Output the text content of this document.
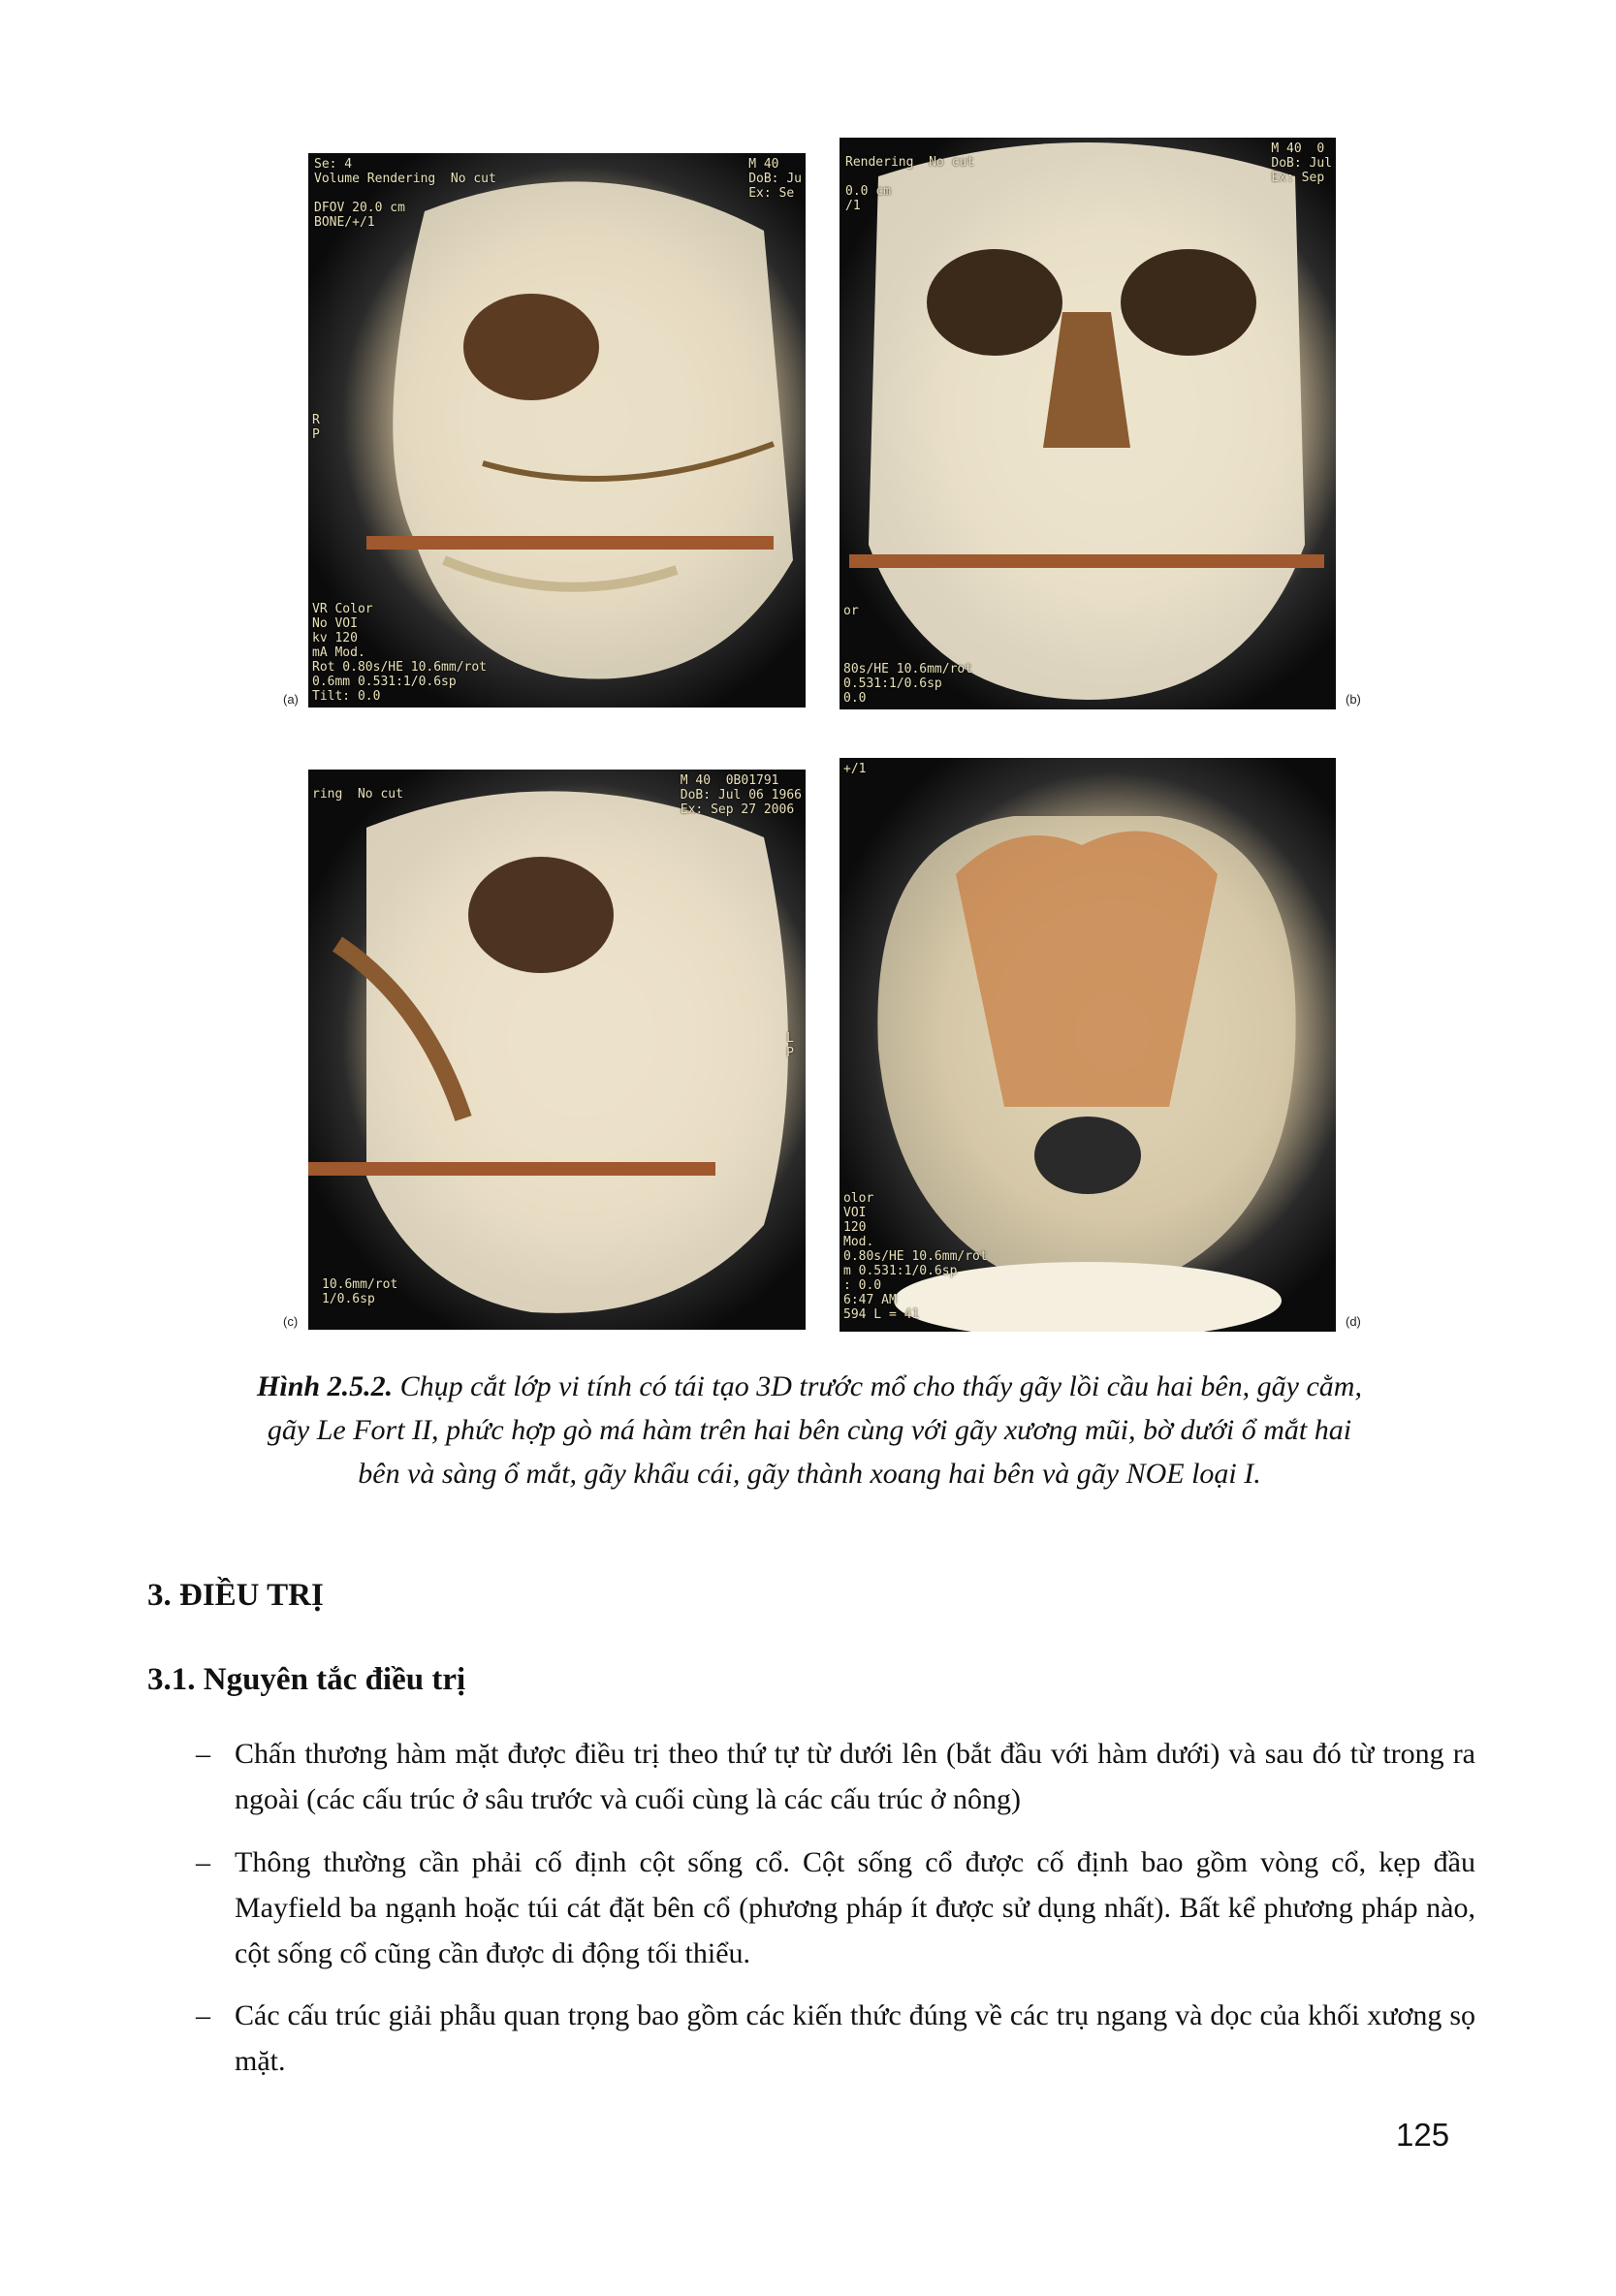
Se: 4
Volume Rendering  No cut

DFOV 20.0 cm
BONE/+/1
M 40
DoB: Ju
Ex: Se
R
P
VR Color
No VOI
kv 120
mA Mod.
Rot 0.80s/HE 10.6mm/rot
0.6mm 0.531:1/0.6sp
Tilt: 0.0
(a)
Rendering  No cut

0.0 cm
/1
M 40  0
DoB: Jul
Ex: Sep
or

80s/HE 10.6mm/rot
0.531:1/0.6sp
0.0	(b)
ring  No cut
M 40  0B01791
DoB: Jul 06 1966
Ex: Sep 27 2006
L
P
10.6mm/rot
1/0.6sp
(c)
+/1
olor
VOI
120
Mod.
0.80s/HE 10.6mm/rot
m 0.531:1/0.6sp
: 0.0
6:47 AM
594 L = 41	(d)
Hình 2.5.2. Chụp cắt lớp vi tính có tái tạo 3D trước mổ cho thấy gãy lồi cầu hai bên, gãy cằm, gãy Le Fort II, phức hợp gò má hàm trên hai bên cùng với gãy xương mũi, bờ dưới ổ mắt hai bên và sàng ổ mắt, gãy khẩu cái, gãy thành xoang hai bên và gãy NOE loại I.
3. ĐIỀU TRỊ
3.1. Nguyên tắc điều trị
– Chấn thương hàm mặt được điều trị theo thứ tự từ dưới lên (bắt đầu với hàm dưới) và sau đó từ trong ra ngoài (các cấu trúc ở sâu trước và cuối cùng là các cấu trúc ở nông)
– Thông thường cần phải cố định cột sống cổ. Cột sống cổ được cố định bao gồm vòng cổ, kẹp đầu Mayfield ba ngạnh hoặc túi cát đặt bên cổ (phương pháp ít được sử dụng nhất). Bất kể phương pháp nào, cột sống cổ cũng cần được di động tối thiểu.
– Các cấu trúc giải phẫu quan trọng bao gồm các kiến thức đúng về các trụ ngang và dọc của khối xương sọ mặt.
125
